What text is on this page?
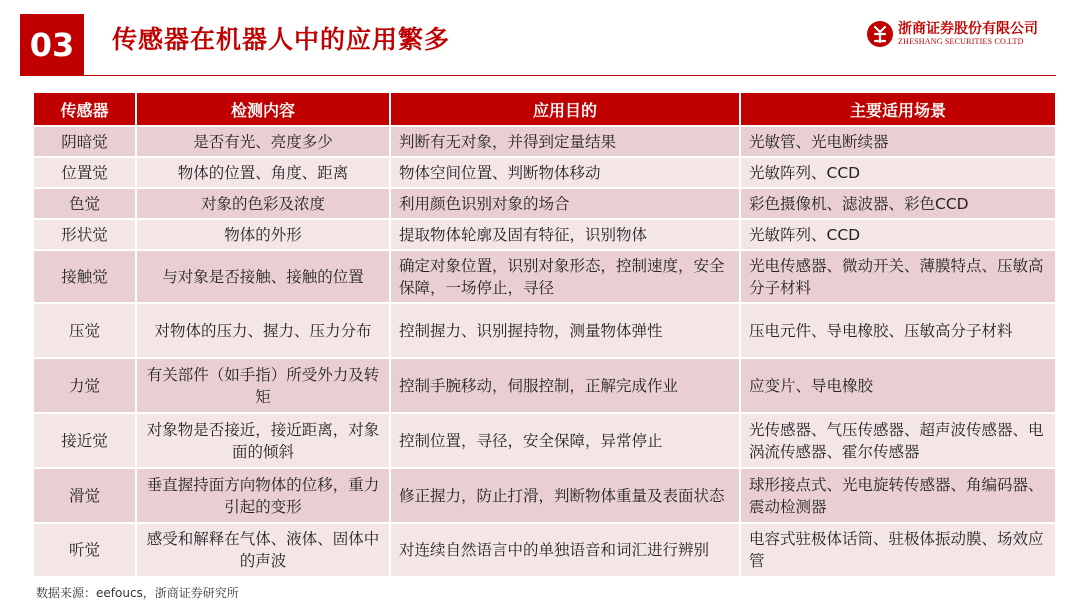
03 传感器在机器人中的应用繁多	浙商证券股份有限公司
ZHESHANG SECURITIES CO.LTD
传感器	检测内容	应用目的	主要适用场景
阴暗觉	是否有光、亮度多少	判断有无对象，并得到定量结果	光敏管、光电断续器
位置觉	物体的位置、角度、距离	物体空间位置、判断物体移动	光敏阵列、CCD
色觉	对象的色彩及浓度	利用颜色识别对象的场合	彩色摄像机、滤波器、彩色CCD
形状觉	物体的外形	提取物体轮廓及固有特征，识别物体	光敏阵列、CCD
接触觉	与对象是否接触、接触的位置	确定对象位置，识别对象形态，控制速度，安全保障，一场停止，寻径	光电传感器、微动开关、薄膜特点、压敏高分子材料
压觉	对物体的压力、握力、压力分布	控制握力、识别握持物，测量物体弹性	压电元件、导电橡胶、压敏高分子材料
力觉	有关部件（如手指）所受外力及转矩	控制手腕移动，伺服控制，正解完成作业	应变片、导电橡胶
接近觉	对象物是否接近，接近距离，对象面的倾斜	控制位置，寻径，安全保障，异常停止	光传感器、气压传感器、超声波传感器、电涡流传感器、霍尔传感器
滑觉	垂直握持面方向物体的位移，重力引起的变形	修正握力，防止打滑，判断物体重量及表面状态	球形接点式、光电旋转传感器、角编码器、震动检测器
听觉	感受和解释在气体、液体、固体中的声波	对连续自然语言中的单独语音和词汇进行辨别	电容式驻极体话筒、驻极体振动膜、场效应管
数据来源：eefoucs，浙商证券研究所
